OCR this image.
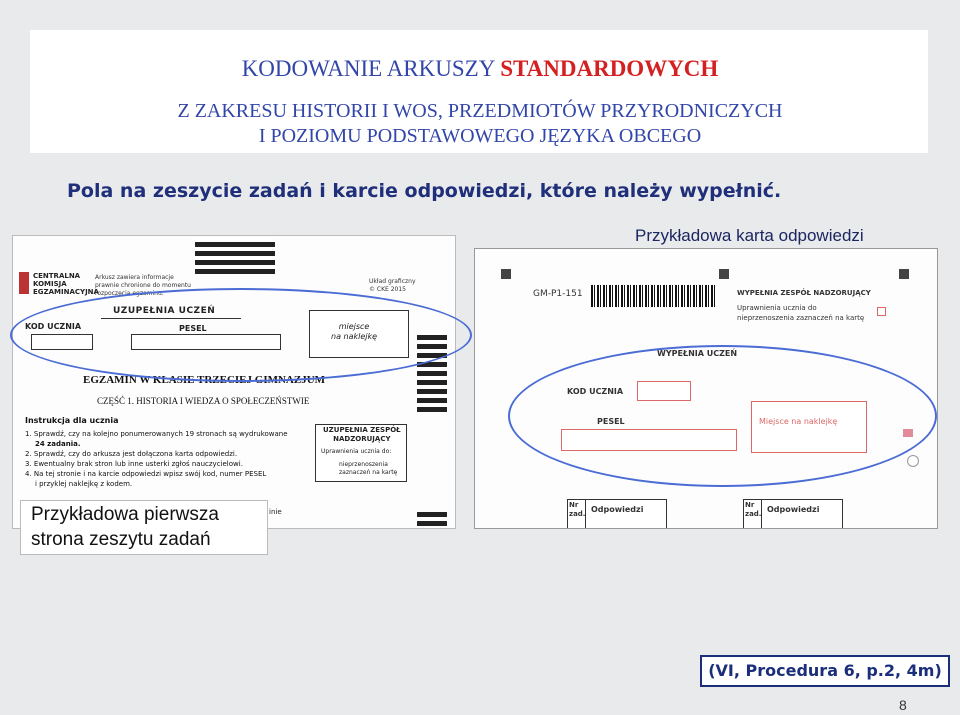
KODOWANIE ARKUSZY STANDARDOWYCH
Z ZAKRESU HISTORII I WOS, PRZEDMIOTÓW PRZYRODNICZYCH
I POZIOMU PODSTAWOWEGO JĘZYKA OBCEGO
Pola na zeszycie zadań i karcie odpowiedzi, które należy wypełnić.
Przykładowa karta odpowiedzi
CENTRALNA
KOMISJA
EGZAMINACYJNA
Arkusz zawiera informacje
prawnie chronione do momentu
rozpoczęcia egzaminu.
Układ graficzny
© CKE 2015
UZUPEŁNIA UCZEŃ
KOD UCZNIA	PESEL	miejsce
na naklejkę
EGZAMIN W KLASIE TRZECIEJ GIMNAZJUM
CZĘŚĆ 1. HISTORIA I WIEDZA O SPOŁECZEŃSTWIE
Instrukcja dla ucznia
1. Sprawdź, czy na kolejno ponumerowanych 19 stronach są wydrukowane
24 zadania.
2. Sprawdź, czy do arkusza jest dołączona karta odpowiedzi.
3. Ewentualny brak stron lub inne usterki zgłoś nauczycielowi.
4. Na tej stronie i na karcie odpowiedzi wpisz swój kod, numer PESEL
i przyklej naklejkę z kodem.
UZUPEŁNIA ZESPÓŁ
NADZORUJĄCY
Uprawnienia ucznia do:
nieprzenoszenia
zaznaczeń na kartę
inie
GM-P1-151	WYPEŁNIA ZESPÓŁ NADZORUJĄCY
Uprawnienia ucznia do
nieprzenoszenia zaznaczeń na kartę
WYPEŁNIA UCZEŃ
KOD UCZNIA
PESEL	Miejsce na naklejkę
Nr
zad. Odpowiedzi	Nr
zad. Odpowiedzi
Przykładowa pierwsza
strona zeszytu zadań
(VI, Procedura 6, p.2, 4m)
8
